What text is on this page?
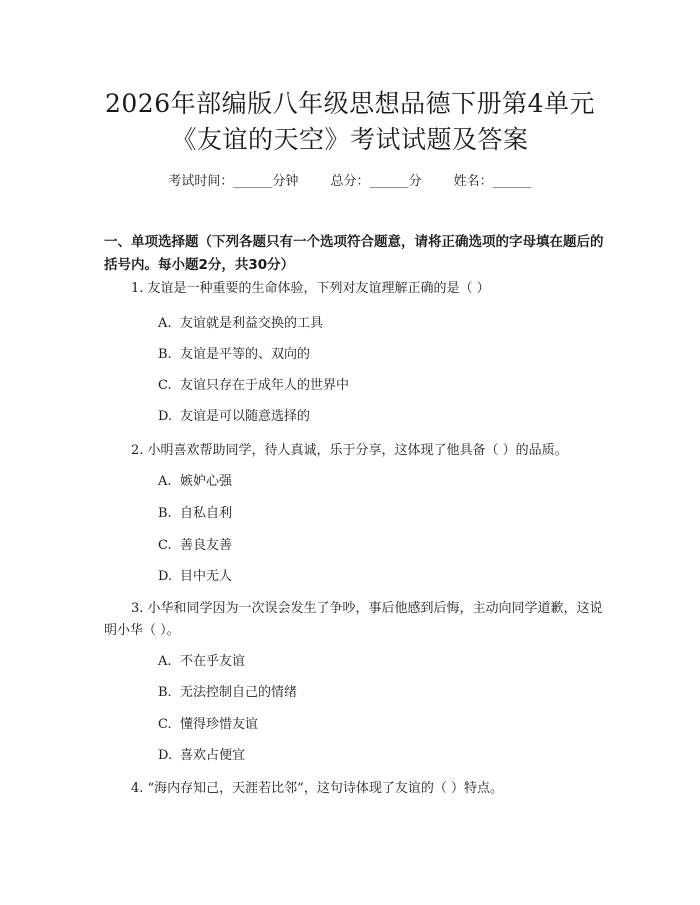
2026年部编版八年级思想品德下册第4单元
《友谊的天空》考试试题及答案
考试时间：______分钟 总分：______分 姓名：______
一、单项选择题（下列各题只有一个选项符合题意，请将正确选项的字母填在题后的括号内。每小题2分，共30分）
1. 友谊是一种重要的生命体验，下列对友谊理解正确的是（ ）
A. 友谊就是利益交换的工具
B. 友谊是平等的、双向的
C. 友谊只存在于成年人的世界中
D. 友谊是可以随意选择的
2. 小明喜欢帮助同学，待人真诚，乐于分享，这体现了他具备（ ）的品质。
A. 嫉妒心强
B. 自私自利
C. 善良友善
D. 目中无人
3. 小华和同学因为一次误会发生了争吵，事后他感到后悔，主动向同学道歉，这说明小华（ ）。
A. 不在乎友谊
B. 无法控制自己的情绪
C. 懂得珍惜友谊
D. 喜欢占便宜
4. “海内存知己，天涯若比邻”，这句诗体现了友谊的（ ）特点。
